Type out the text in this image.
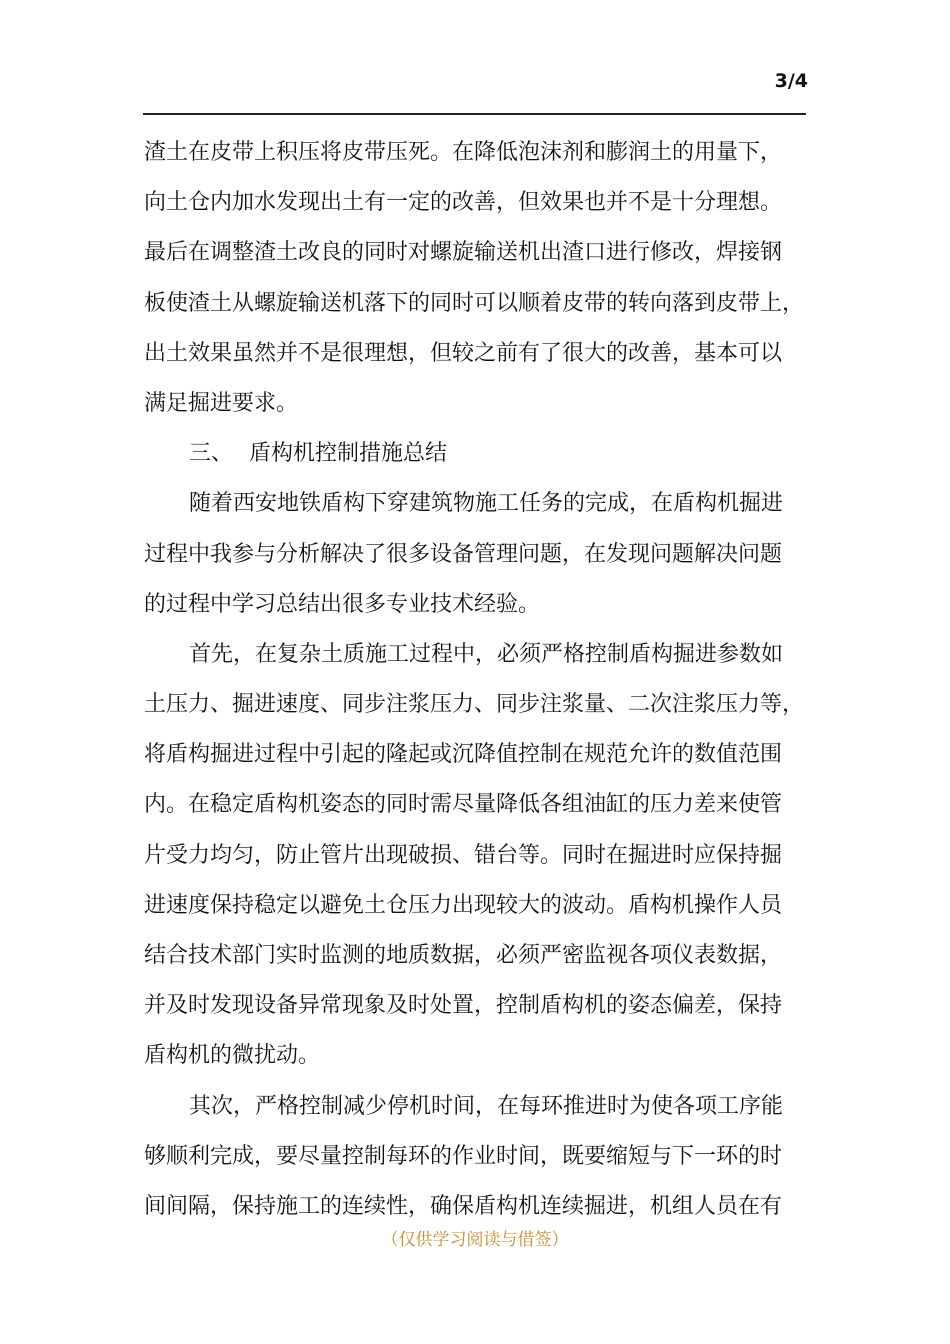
3/4
渣土在皮带上积压将皮带压死。在降低泡沫剂和膨润土的用量下，
向土仓内加水发现出土有一定的改善，但效果也并不是十分理想。
最后在调整渣土改良的同时对螺旋输送机出渣口进行修改，焊接钢
板使渣土从螺旋输送机落下的同时可以顺着皮带的转向落到皮带上，
出土效果虽然并不是很理想，但较之前有了很大的改善，基本可以
满足掘进要求。
三、 盾构机控制措施总结
随着西安地铁盾构下穿建筑物施工任务的完成，在盾构机掘进
过程中我参与分析解决了很多设备管理问题，在发现问题解决问题
的过程中学习总结出很多专业技术经验。
首先，在复杂土质施工过程中，必须严格控制盾构掘进参数如
土压力、掘进速度、同步注浆压力、同步注浆量、二次注浆压力等，
将盾构掘进过程中引起的隆起或沉降值控制在规范允许的数值范围
内。在稳定盾构机姿态的同时需尽量降低各组油缸的压力差来使管
片受力均匀，防止管片出现破损、错台等。同时在掘进时应保持掘
进速度保持稳定以避免土仓压力出现较大的波动。盾构机操作人员
结合技术部门实时监测的地质数据，必须严密监视各项仪表数据，
并及时发现设备异常现象及时处置，控制盾构机的姿态偏差，保持
盾构机的微扰动。
其次，严格控制减少停机时间，在每环推进时为使各项工序能
够顺利完成，要尽量控制每环的作业时间，既要缩短与下一环的时
间间隔，保持施工的连续性，确保盾构机连续掘进，机组人员在有
（仅供学习阅读与借签）
